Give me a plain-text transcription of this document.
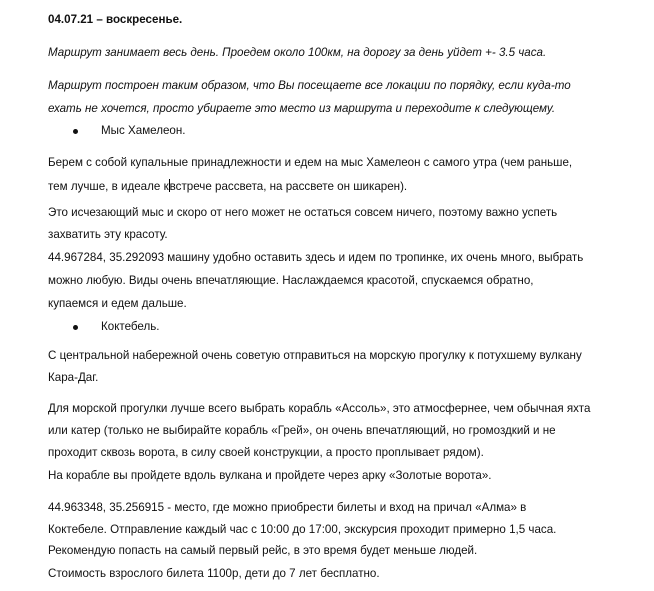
04.07.21 – воскресенье.
Маршрут занимает весь день. Проедем около 100км, на дорогу за день уйдет +- 3.5 часа.
Маршрут построен таким образом, что Вы посещаете все локации по порядку, если куда-то
ехать не хочется, просто убираете это место из маршрута и переходите к следующему.
Мыс Хамелеон.
Берем с собой купальные принадлежности и едем на мыс Хамелеон с самого утра (чем раньше,
тем лучше, в идеале квстрече рассвета, на рассвете он шикарен).
Это исчезающий мыс и скоро от него может не остаться совсем ничего, поэтому важно успеть
захватить эту красоту.
44.967284, 35.292093 машину удобно оставить здесь и идем по тропинке, их очень много, выбрать
можно любую. Виды очень впечатляющие. Наслаждаемся красотой, спускаемся обратно,
купаемся и едем дальше.
Коктебель.
С центральной набережной очень советую отправиться на морскую прогулку к потухшему вулкану
Кара-Даг.
Для морской прогулки лучше всего выбрать корабль «Ассоль», это атмосфернее, чем обычная яхта
или катер (только не выбирайте корабль «Грей», он очень впечатляющий, но громоздкий и не
проходит сквозь ворота, в силу своей конструкции, а просто проплывает рядом).
На корабле вы пройдете вдоль вулкана и пройдете через арку «Золотые ворота».
44.963348, 35.256915 - место, где можно приобрести билеты и вход на причал «Алма» в
Коктебеле. Отправление каждый час с 10:00 до 17:00, экскурсия проходит примерно 1,5 часа.
Рекомендую попасть на самый первый рейс, в это время будет меньше людей.
Стоимость взрослого билета 1100р, дети до 7 лет бесплатно.
